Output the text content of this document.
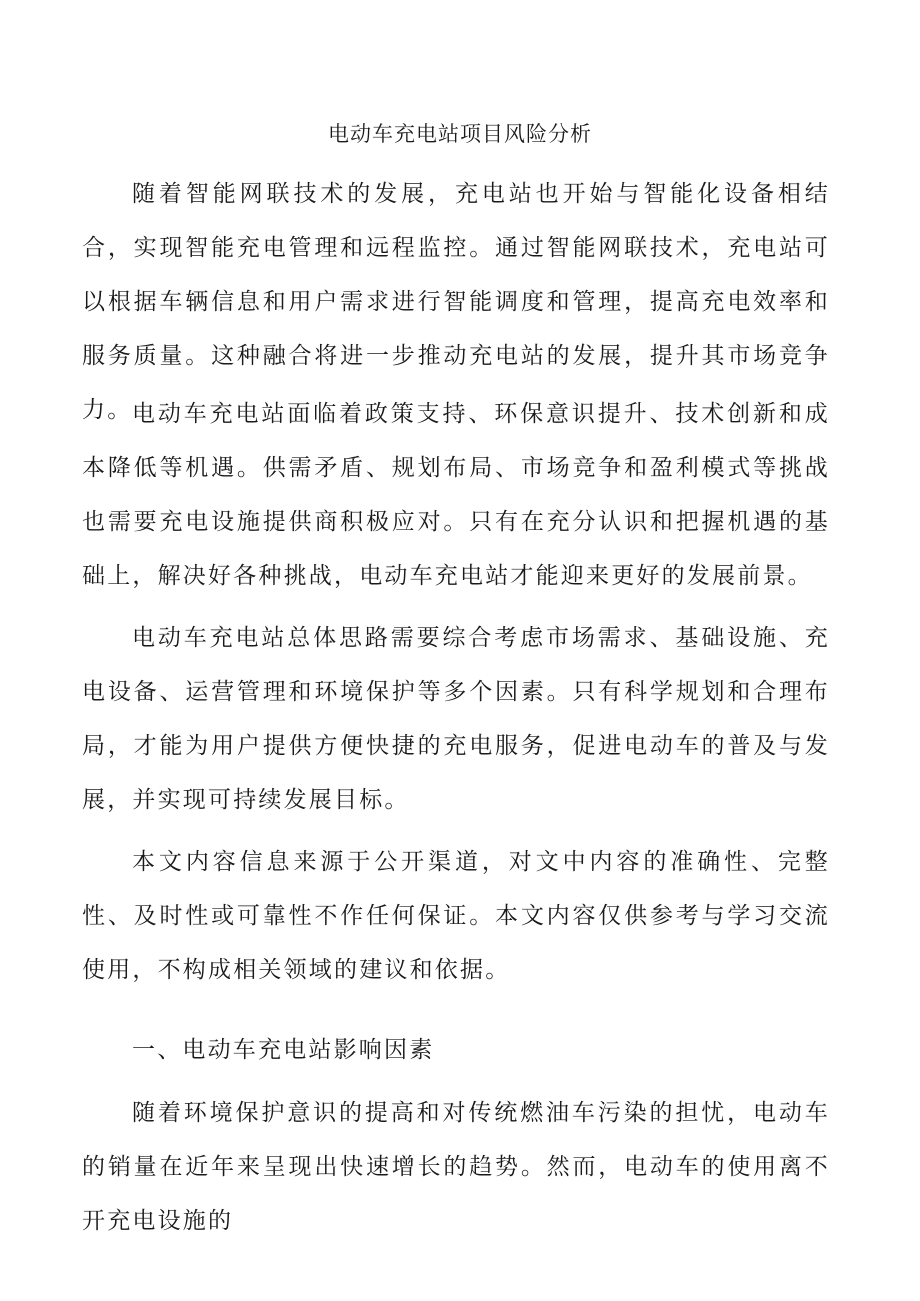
电动车充电站项目风险分析

随着智能网联技术的发展，充电站也开始与智能化设备相结合，实现智能充电管理和远程监控。通过智能网联技术，充电站可以根据车辆信息和用户需求进行智能调度和管理，提高充电效率和服务质量。这种融合将进一步推动充电站的发展，提升其市场竞争力。 电动车充电站面临着政策支持、环保意识提升、技术创新和成本降低等机遇。供需矛盾、规划布局、市场竞争和盈利模式等挑战也需要充电设施提供商积极应对。只有在充分认识和把握机遇的基础上，解决好各种挑战，电动车充电站才能迎来更好的发展前景。

电动车充电站总体思路需要综合考虑市场需求、基础设施、充电设备、运营管理和环境保护等多个因素。只有科学规划和合理布局，才能为用户提供方便快捷的充电服务，促进电动车的普及与发展，并实现可持续发展目标。

本文内容信息来源于公开渠道，对文中内容的准确性、完整性、及时性或可靠性不作任何保证。本文内容仅供参考与学习交流使用，不构成相关领域的建议和依据。

一、电动车充电站影响因素

随着环境保护意识的提高和对传统燃油车污染的担忧，电动车的销量在近年来呈现出快速增长的趋势。然而，电动车的使用离不开充电设施的
